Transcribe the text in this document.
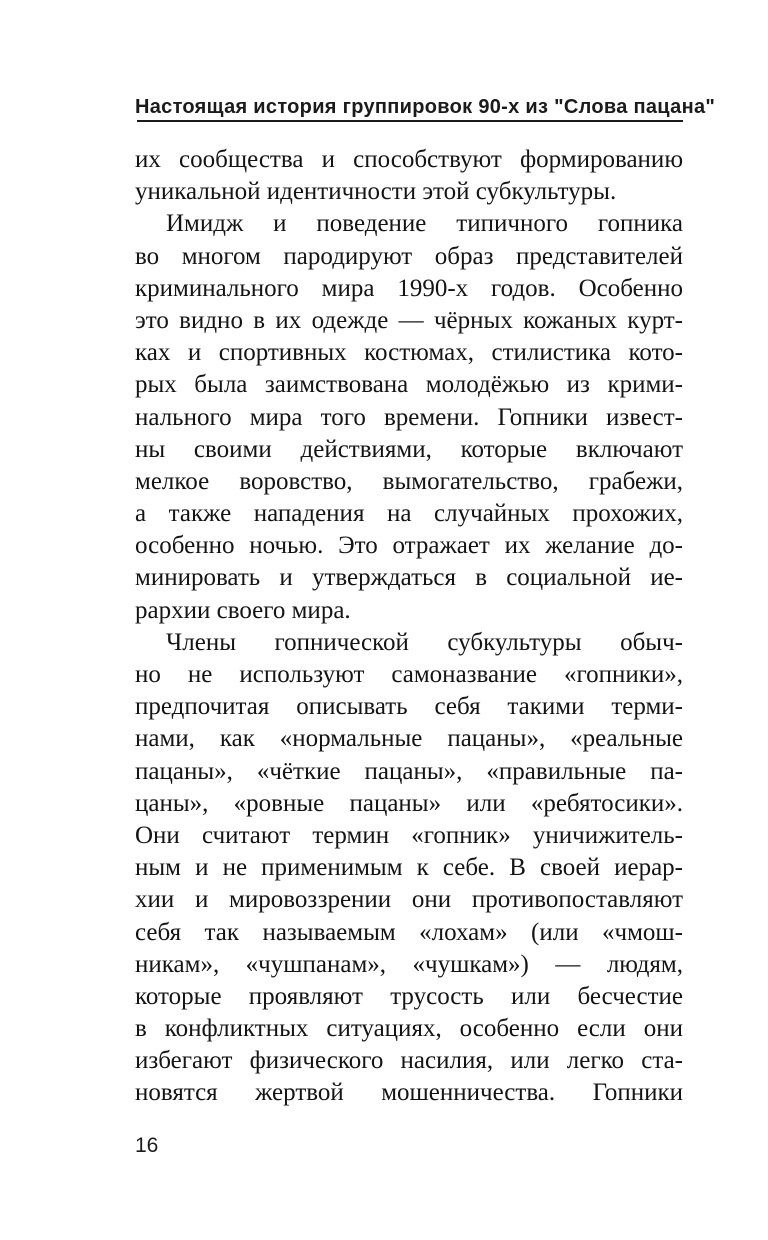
Настоящая история группировок 90-х из "Слова пацана"
их сообщества и способствуют формированию
уникальной идентичности этой субкультуры.
Имидж и поведение типичного гопника
во многом пародируют образ представителей
криминального мира 1990-х годов. Особенно
это видно в их одежде — чёрных кожаных курт-
ках и спортивных костюмах, стилистика кото-
рых была заимствована молодёжью из крими-
нального мира того времени. Гопники извест-
ны своими действиями, которые включают
мелкое воровство, вымогательство, грабежи,
а также нападения на случайных прохожих,
особенно ночью. Это отражает их желание до-
минировать и утверждаться в социальной ие-
рархии своего мира.
Члены гопнической субкультуры обыч-
но не используют самоназвание «гопники»,
предпочитая описывать себя такими терми-
нами, как «нормальные пацаны», «реальные
пацаны», «чёткие пацаны», «правильные па-
цаны», «ровные пацаны» или «ребятосики».
Они считают термин «гопник» уничижитель-
ным и не применимым к себе. В своей иерар-
хии и мировоззрении они противопоставляют
себя так называемым «лохам» (или «чмош-
никам», «чушпанам», «чушкам») — людям,
которые проявляют трусость или бесчестие
в конфликтных ситуациях, особенно если они
избегают физического насилия, или легко ста-
новятся жертвой мошенничества. Гопники
16
